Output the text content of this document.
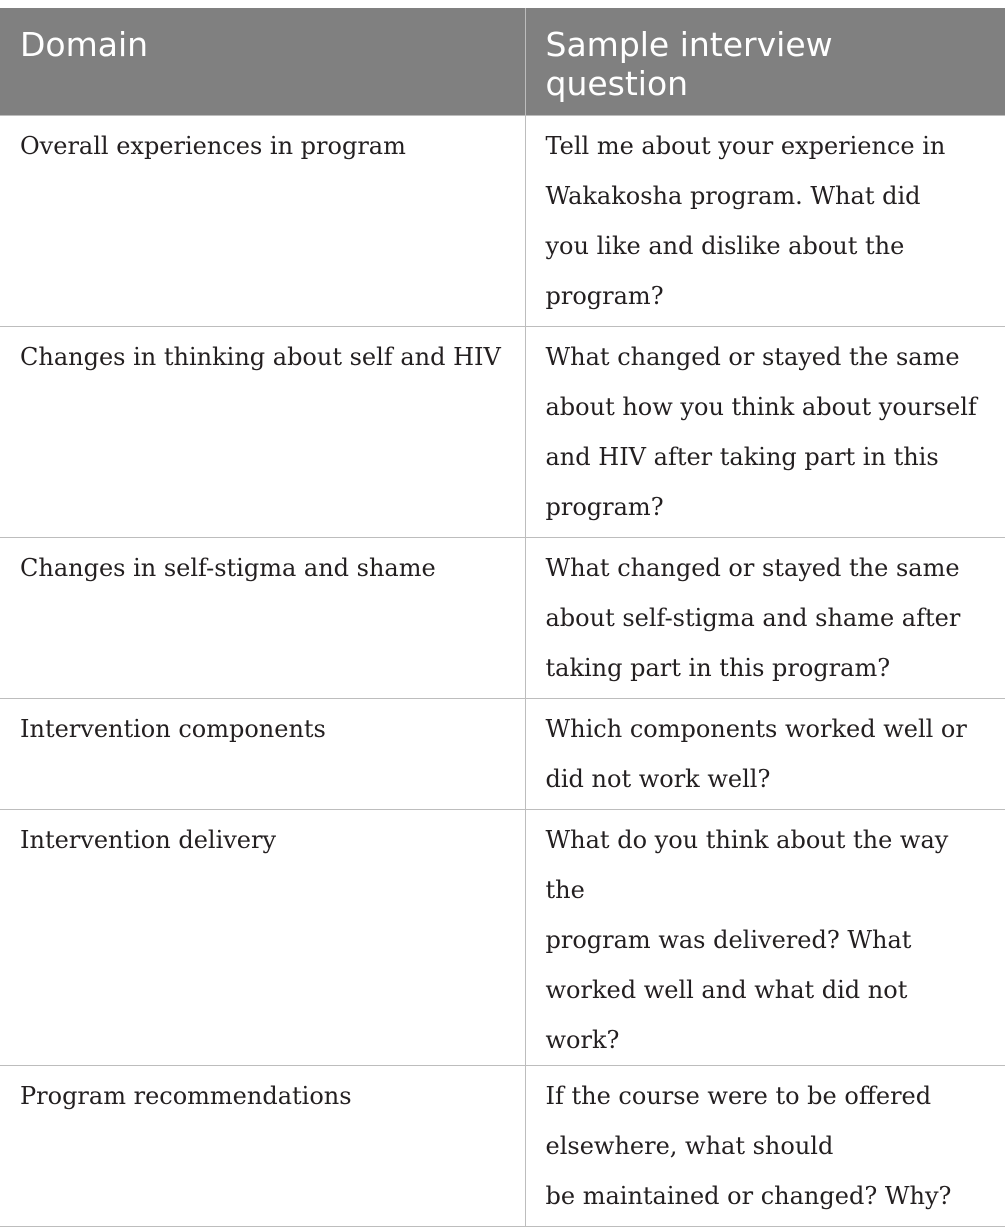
Domain	Sample interview
question
Overall experiences in program	Tell me about your experience in
Wakakosha program. What did
you like and dislike about the
program?
Changes in thinking about self and HIV	What changed or stayed the same
about how you think about yourself
and HIV after taking part in this
program?
Changes in self-stigma and shame	What changed or stayed the same
about self-stigma and shame after
taking part in this program?
Intervention components	Which components worked well or
did not work well?
Intervention delivery	What do you think about the way the
program was delivered? What
worked well and what did not work?
Program recommendations	If the course were to be offered
elsewhere, what should
be maintained or changed? Why?
